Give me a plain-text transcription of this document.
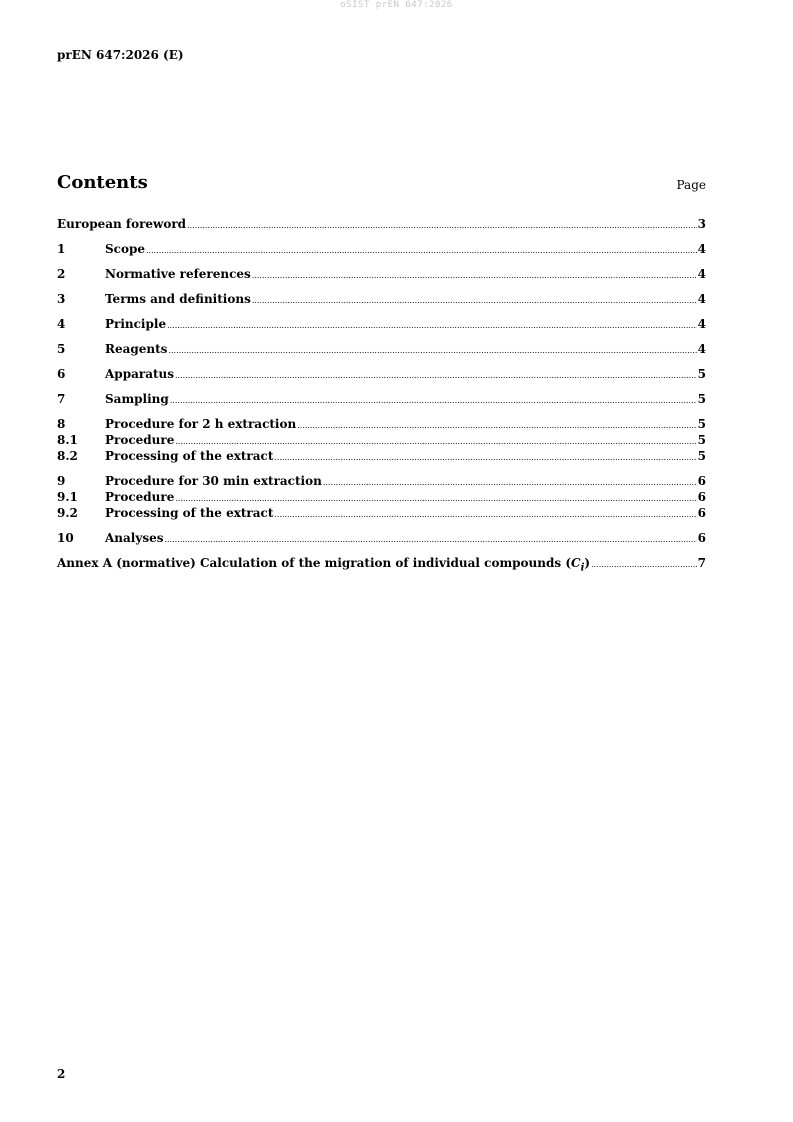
oSIST prEN 647:2026
prEN 647:2026 (E)
Contents	Page
European foreword .....	3
1	Scope .....	4
2	Normative references .....	4
3	Terms and definitions .....	4
4	Principle .....	4
5	Reagents .....	4
6	Apparatus .....	5
7	Sampling .....	5
8	Procedure for 2 h extraction .....	5
8.1	Procedure .....	5
8.2	Processing of the extract .....	5
9	Procedure for 30 min extraction .....	6
9.1	Procedure .....	6
9.2	Processing of the extract .....	6
10	Analyses .....	6
Annex A (normative) Calculation of the migration of individual compounds $(C_i)$ .....	7
2
